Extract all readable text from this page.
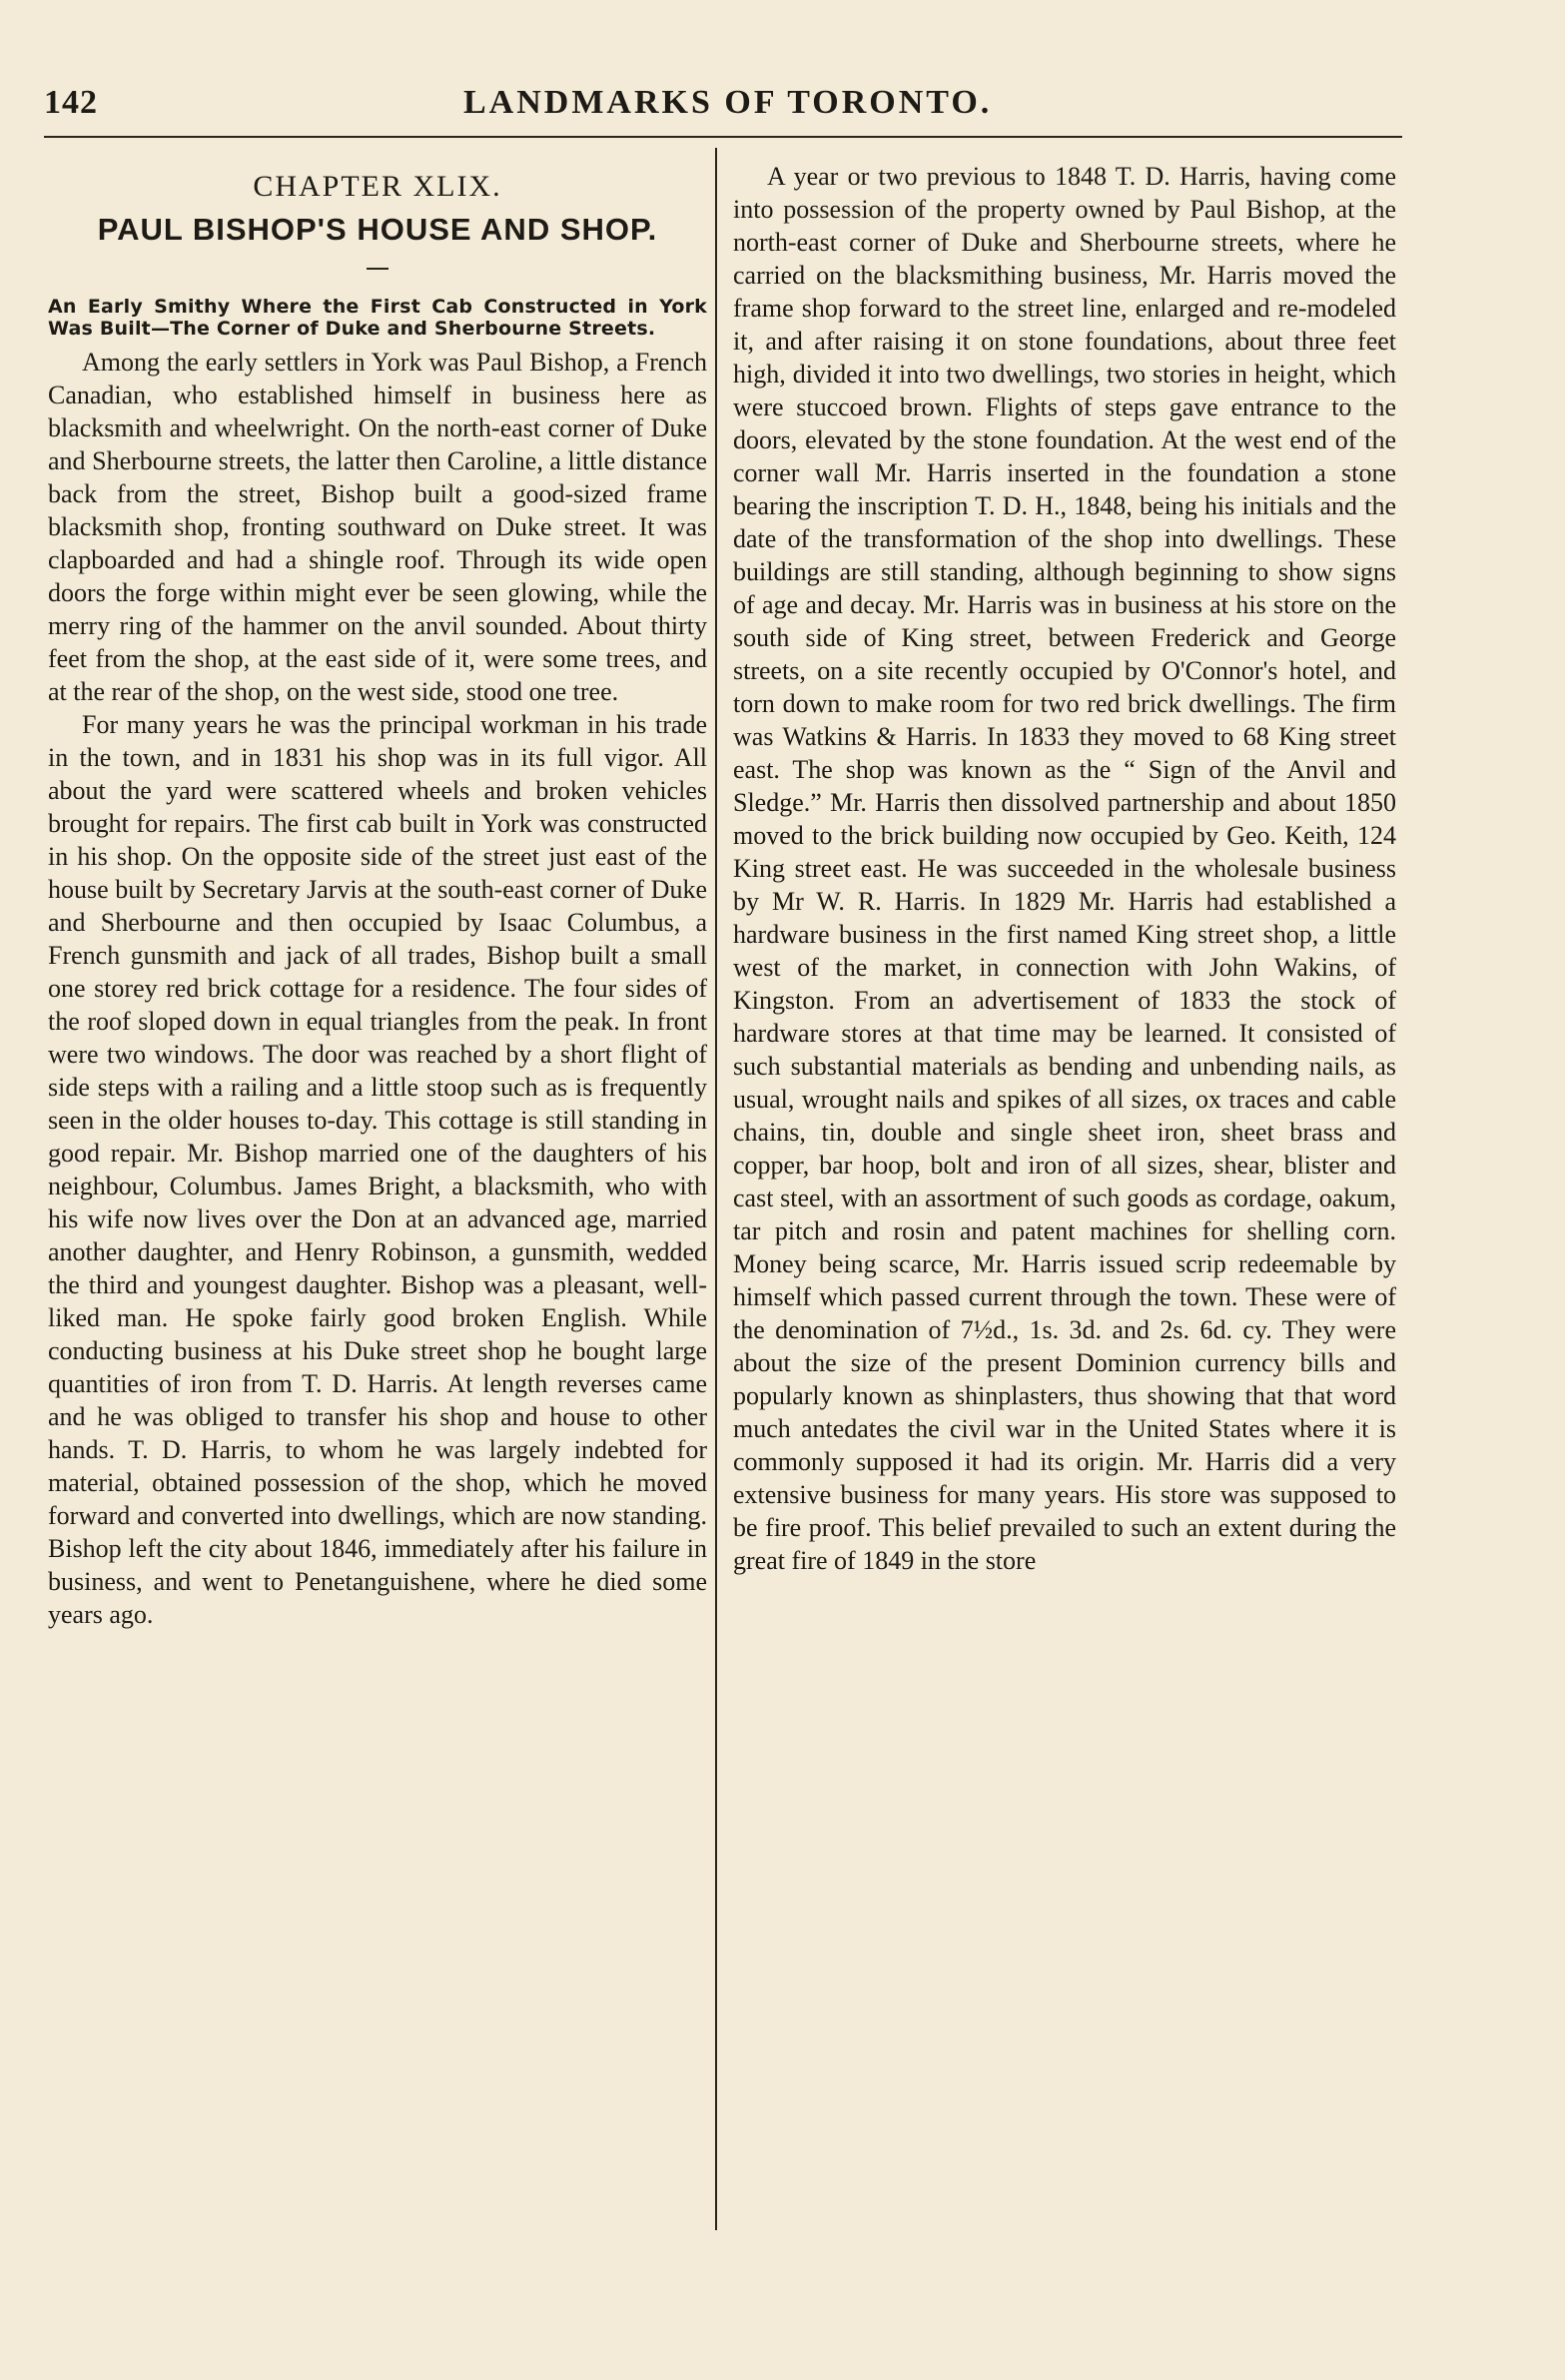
142	LANDMARKS OF TORONTO.
CHAPTER XLIX.
PAUL BISHOP'S HOUSE AND SHOP.
An Early Smithy Where the First Cab Constructed in York Was Built—The Corner of Duke and Sherbourne Streets.

Among the early settlers in York was Paul Bishop, a French Canadian, who established himself in business here as blacksmith and wheelwright. On the north-east corner of Duke and Sherbourne streets, the latter then Caroline, a little distance back from the street, Bishop built a good-sized frame blacksmith shop, fronting southward on Duke street. It was clapboarded and had a shingle roof. Through its wide open doors the forge within might ever be seen glowing, while the merry ring of the hammer on the anvil sounded. About thirty feet from the shop, at the east side of it, were some trees, and at the rear of the shop, on the west side, stood one tree.

For many years he was the principal workman in his trade in the town, and in 1831 his shop was in its full vigor. All about the yard were scattered wheels and broken vehicles brought for repairs. The first cab built in York was constructed in his shop. On the opposite side of the street just east of the house built by Secretary Jarvis at the south-east corner of Duke and Sherbourne and then occupied by Isaac Columbus, a French gunsmith and jack of all trades, Bishop built a small one storey red brick cottage for a residence. The four sides of the roof sloped down in equal triangles from the peak. In front were two windows. The door was reached by a short flight of side steps with a railing and a little stoop such as is frequently seen in the older houses to-day. This cottage is still standing in good repair. Mr. Bishop married one of the daughters of his neighbour, Columbus. James Bright, a blacksmith, who with his wife now lives over the Don at an advanced age, married another daughter, and Henry Robinson, a gunsmith, wedded the third and youngest daughter. Bishop was a pleasant, well-liked man. He spoke fairly good broken English. While conducting business at his Duke street shop he bought large quantities of iron from T. D. Harris. At length reverses came and he was obliged to transfer his shop and house to other hands. T. D. Harris, to whom he was largely indebted for material, obtained possession of the shop, which he moved forward and converted into dwellings, which are now standing. Bishop left the city about 1846, immediately after his failure in business, and went to Penetanguishene, where he died some years ago.

A year or two previous to 1848 T. D. Harris, having come into possession of the property owned by Paul Bishop, at the north-east corner of Duke and Sherbourne streets, where he carried on the blacksmithing business, Mr. Harris moved the frame shop forward to the street line, enlarged and re-modeled it, and after raising it on stone foundations, about three feet high, divided it into two dwellings, two stories in height, which were stuccoed brown. Flights of steps gave entrance to the doors, elevated by the stone foundation. At the west end of the corner wall Mr. Harris inserted in the foundation a stone bearing the inscription T. D. H., 1848, being his initials and the date of the transformation of the shop into dwellings. These buildings are still standing, although beginning to show signs of age and decay. Mr. Harris was in business at his store on the south side of King street, between Frederick and George streets, on a site recently occupied by O'Connor's hotel, and torn down to make room for two red brick dwellings. The firm was Watkins & Harris. In 1833 they moved to 68 King street east. The shop was known as the “ Sign of the Anvil and Sledge.” Mr. Harris then dissolved partnership and about 1850 moved to the brick building now occupied by Geo. Keith, 124 King street east. He was succeeded in the wholesale business by Mr W. R. Harris. In 1829 Mr. Harris had established a hardware business in the first named King street shop, a little west of the market, in connection with John Wakins, of Kingston. From an advertisement of 1833 the stock of hardware stores at that time may be learned. It consisted of such substantial materials as bending and unbending nails, as usual, wrought nails and spikes of all sizes, ox traces and cable chains, tin, double and single sheet iron, sheet brass and copper, bar hoop, bolt and iron of all sizes, shear, blister and cast steel, with an assortment of such goods as cordage, oakum, tar pitch and rosin and patent machines for shelling corn. Money being scarce, Mr. Harris issued scrip redeemable by himself which passed current through the town. These were of the denomination of 7½d., 1s. 3d. and 2s. 6d. cy. They were about the size of the present Dominion currency bills and popularly known as shinplasters, thus showing that that word much antedates the civil war in the United States where it is commonly supposed it had its origin. Mr. Harris did a very extensive business for many years. His store was supposed to be fire proof. This belief prevailed to such an extent during the great fire of 1849 in the store
